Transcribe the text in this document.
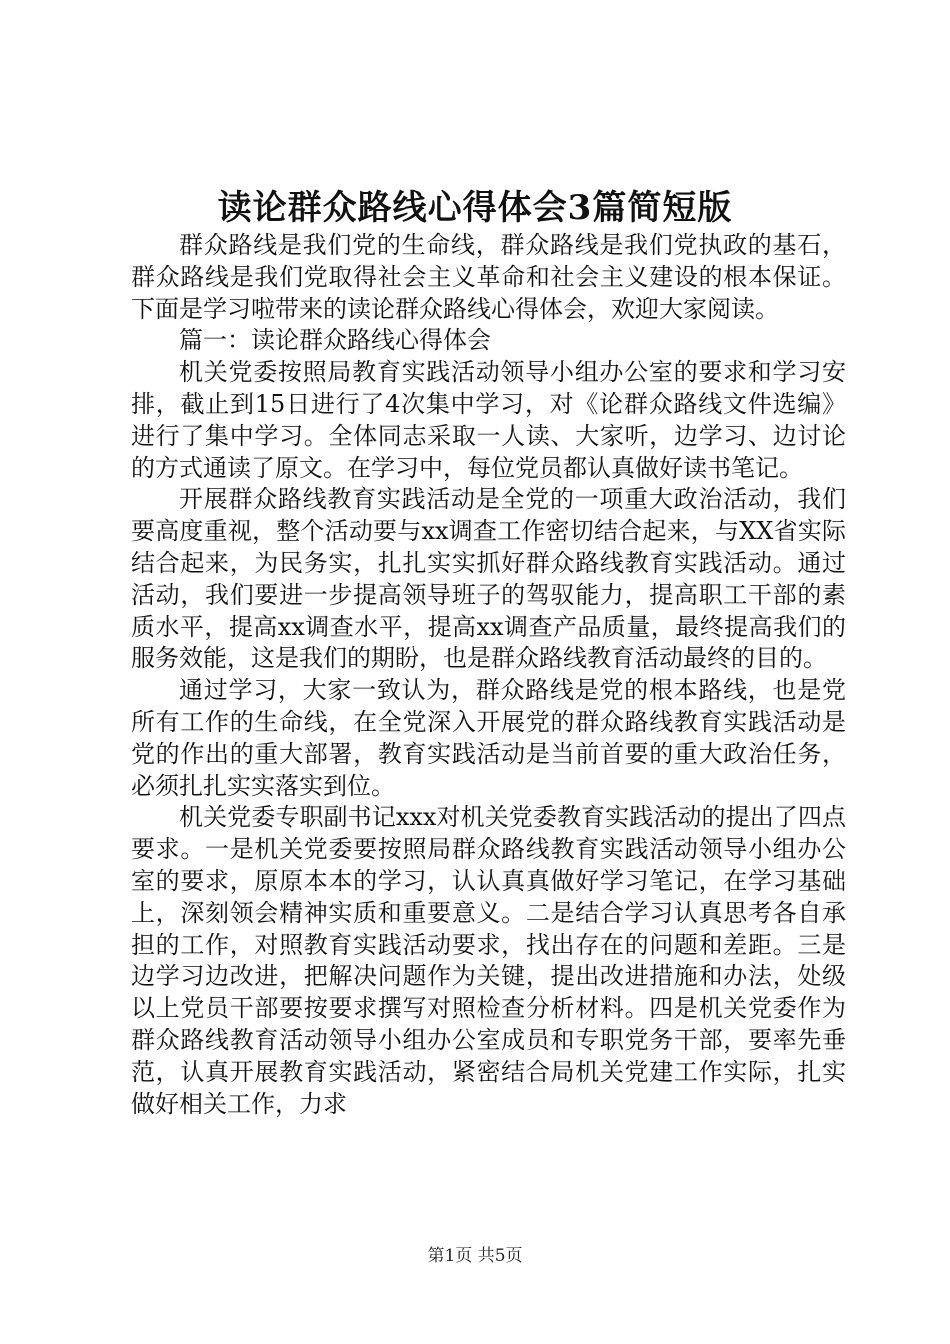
读论群众路线心得体会3篇简短版

群众路线是我们党的生命线，群众路线是我们党执政的基石，群众路线是我们党取得社会主义革命和社会主义建设的根本保证。下面是学习啦带来的读论群众路线心得体会，欢迎大家阅读。

篇一：读论群众路线心得体会

机关党委按照局教育实践活动领导小组办公室的要求和学习安排，截止到15日进行了4次集中学习，对《论群众路线文件选编》进行了集中学习。全体同志采取一人读、大家听，边学习、边讨论的方式通读了原文。在学习中，每位党员都认真做好读书笔记。

开展群众路线教育实践活动是全党的一项重大政治活动，我们要高度重视，整个活动要与xx调查工作密切结合起来，与XX省实际结合起来，为民务实，扎扎实实抓好群众路线教育实践活动。通过活动，我们要进一步提高领导班子的驾驭能力，提高职工干部的素质水平，提高xx调查水平，提高xx调查产品质量，最终提高我们的服务效能，这是我们的期盼，也是群众路线教育活动最终的目的。

通过学习，大家一致认为，群众路线是党的根本路线，也是党所有工作的生命线，在全党深入开展党的群众路线教育实践活动是党的作出的重大部署，教育实践活动是当前首要的重大政治任务，必须扎扎实实落实到位。

机关党委专职副书记xxx对机关党委教育实践活动的提出了四点要求。一是机关党委要按照局群众路线教育实践活动领导小组办公室的要求，原原本本的学习，认认真真做好学习笔记，在学习基础上，深刻领会精神实质和重要意义。二是结合学习认真思考各自承担的工作，对照教育实践活动要求，找出存在的问题和差距。三是边学习边改进，把解决问题作为关键，提出改进措施和办法，处级以上党员干部要按要求撰写对照检查分析材料。四是机关党委作为群众路线教育活动领导小组办公室成员和专职党务干部，要率先垂范，认真开展教育实践活动，紧密结合局机关党建工作实际，扎实做好相关工作，力求

第1页 共5页
